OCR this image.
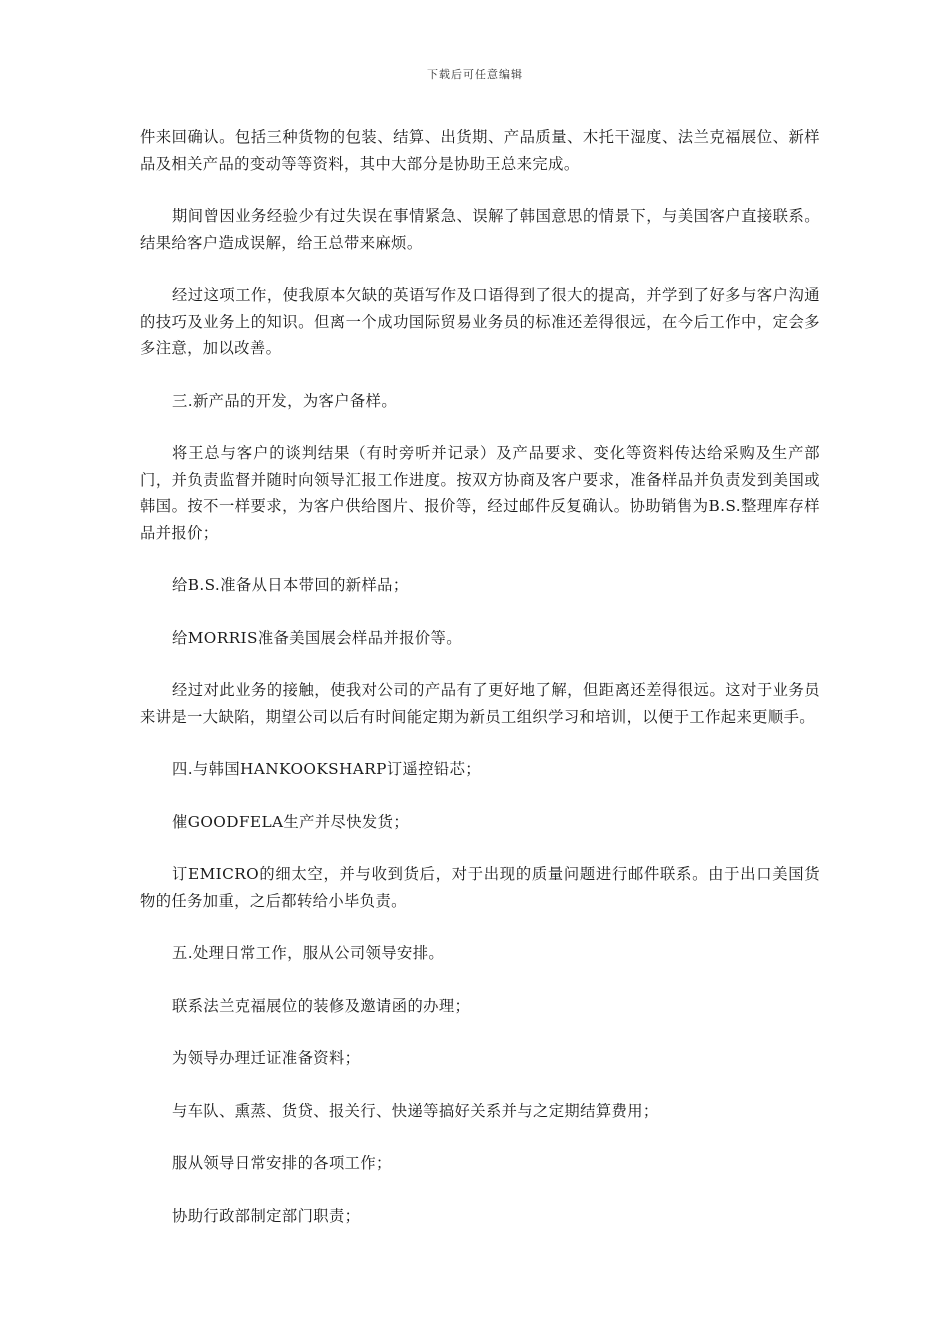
下载后可任意编辑

件来回确认。包括三种货物的包装、结算、出货期、产品质量、木托干湿度、法兰克福展位、新样品及相关产品的变动等等资料，其中大部分是协助王总来完成。

期间曾因业务经验少有过失误在事情紧急、误解了韩国意思的情景下，与美国客户直接联系。结果给客户造成误解，给王总带来麻烦。

经过这项工作，使我原本欠缺的英语写作及口语得到了很大的提高，并学到了好多与客户沟通的技巧及业务上的知识。但离一个成功国际贸易业务员的标准还差得很远，在今后工作中，定会多多注意，加以改善。

三.新产品的开发，为客户备样。

将王总与客户的谈判结果（有时旁听并记录）及产品要求、变化等资料传达给采购及生产部门，并负责监督并随时向领导汇报工作进度。按双方协商及客户要求，准备样品并负责发到美国或韩国。按不一样要求，为客户供给图片、报价等，经过邮件反复确认。协助销售为B.S.整理库存样品并报价；

给B.S.准备从日本带回的新样品；

给MORRIS准备美国展会样品并报价等。

经过对此业务的接触，使我对公司的产品有了更好地了解，但距离还差得很远。这对于业务员来讲是一大缺陷，期望公司以后有时间能定期为新员工组织学习和培训，以便于工作起来更顺手。

四.与韩国HANKOOKSHARP订遥控铅芯；

催GOODFELA生产并尽快发货；

订EMICRO的细太空，并与收到货后，对于出现的质量问题进行邮件联系。由于出口美国货物的任务加重，之后都转给小毕负责。

五.处理日常工作，服从公司领导安排。

联系法兰克福展位的装修及邀请函的办理；

为领导办理迁证准备资料；

与车队、熏蒸、货贷、报关行、快递等搞好关系并与之定期结算费用；

服从领导日常安排的各项工作；

协助行政部制定部门职责；
